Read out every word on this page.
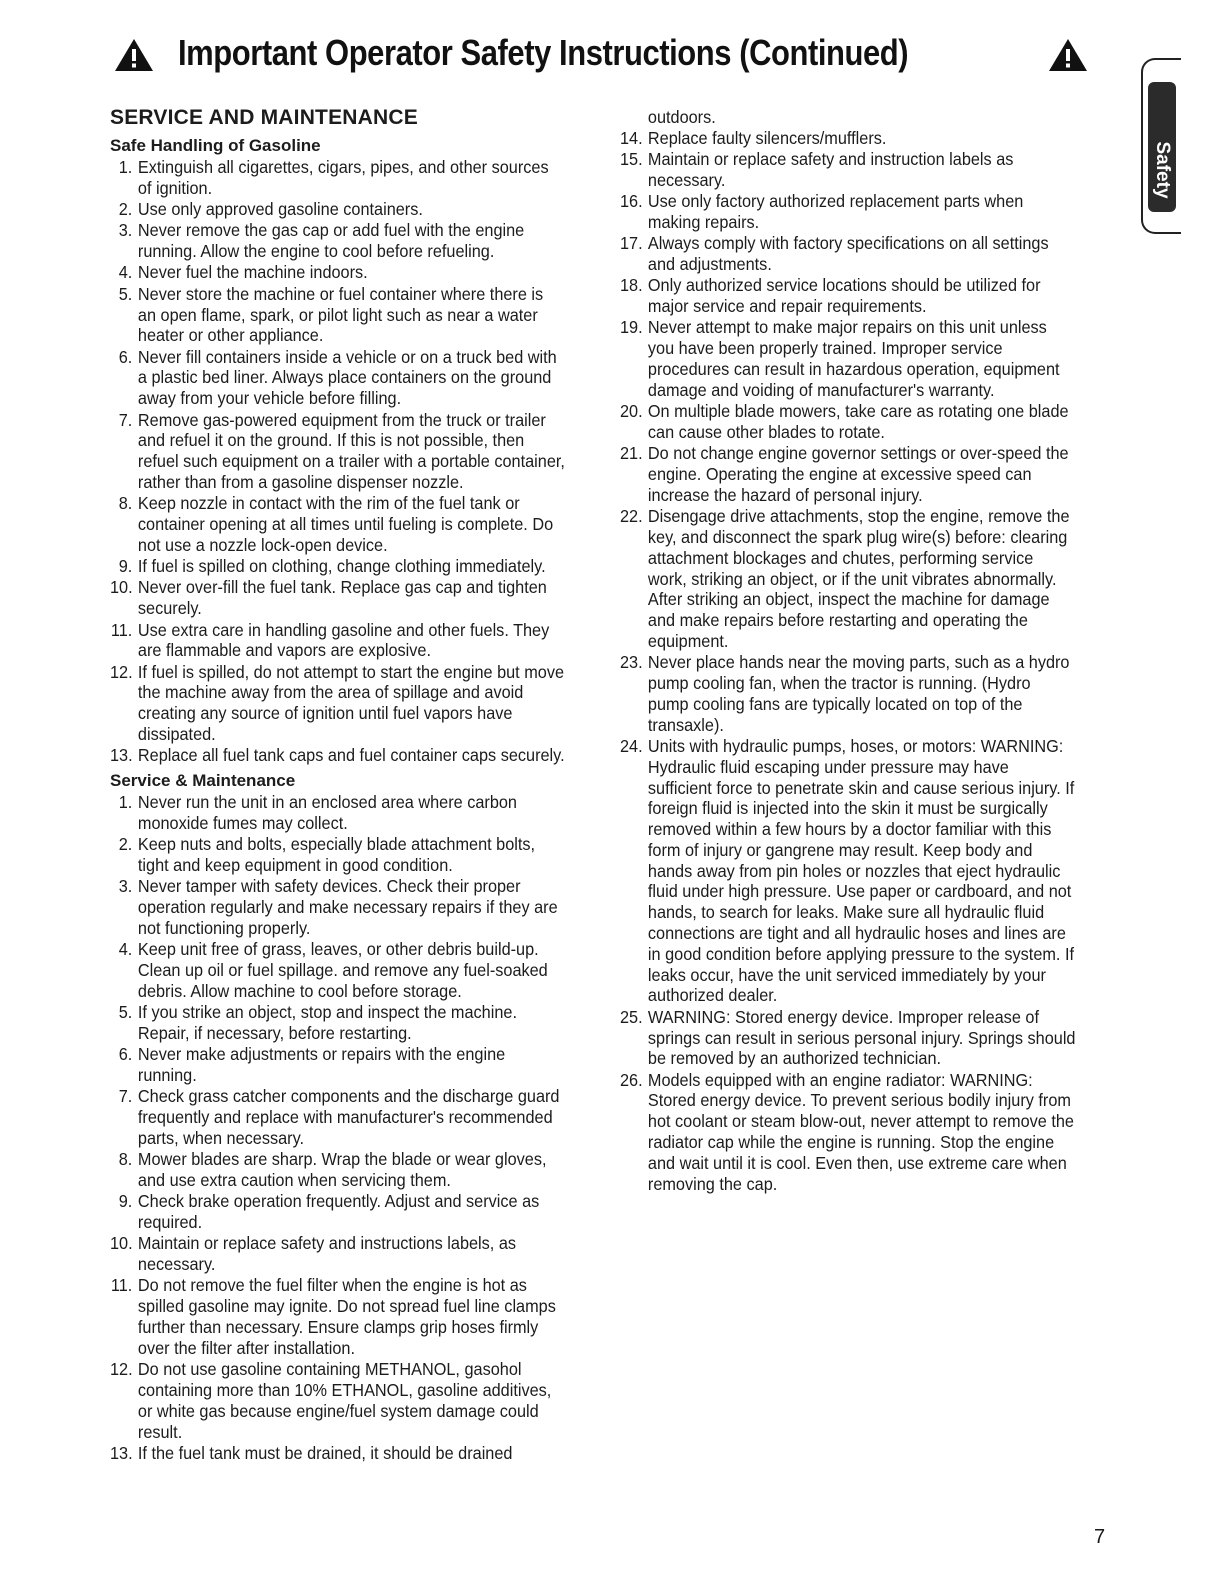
Important Operator Safety Instructions (Continued)
Safety
SERVICE AND MAINTENANCE
Safe Handling of Gasoline
1. Extinguish all cigarettes, cigars, pipes, and other sources of ignition.
2. Use only approved gasoline containers.
3. Never remove the gas cap or add fuel with the engine running. Allow the engine to cool before refueling.
4. Never fuel the machine indoors.
5. Never store the machine or fuel container where there is an open flame, spark, or pilot light such as near a water heater or other appliance.
6. Never fill containers inside a vehicle or on a truck bed with a plastic bed liner. Always place containers on the ground away from your vehicle before filling.
7. Remove gas-powered equipment from the truck or trailer and refuel it on the ground. If this is not possible, then refuel such equipment on a trailer with a portable container, rather than from a gasoline dispenser nozzle.
8. Keep nozzle in contact with the rim of the fuel tank or container opening at all times until fueling is complete. Do not use a nozzle lock-open device.
9. If fuel is spilled on clothing, change clothing immediately.
10. Never over-fill the fuel tank. Replace gas cap and tighten securely.
11. Use extra care in handling gasoline and other fuels. They are flammable and vapors are explosive.
12. If fuel is spilled, do not attempt to start the engine but move the machine away from the area of spillage and avoid creating any source of ignition until fuel vapors have dissipated.
13. Replace all fuel tank caps and fuel container caps securely.
Service & Maintenance
1. Never run the unit in an enclosed area where carbon monoxide fumes may collect.
2. Keep nuts and bolts, especially blade attachment bolts, tight and keep equipment in good condition.
3. Never tamper with safety devices. Check their proper operation regularly and make necessary repairs if they are not functioning properly.
4. Keep unit free of grass, leaves, or other debris build-up. Clean up oil or fuel spillage. and remove any fuel-soaked debris. Allow machine to cool before storage.
5. If you strike an object, stop and inspect the machine. Repair, if necessary, before restarting.
6. Never make adjustments or repairs with the engine running.
7. Check grass catcher components and the discharge guard frequently and replace with manufacturer's recommended parts, when necessary.
8. Mower blades are sharp. Wrap the blade or wear gloves, and use extra caution when servicing them.
9. Check brake operation frequently. Adjust and service as required.
10. Maintain or replace safety and instructions labels, as necessary.
11. Do not remove the fuel filter when the engine is hot as spilled gasoline may ignite. Do not spread fuel line clamps further than necessary. Ensure clamps grip hoses firmly over the filter after installation.
12. Do not use gasoline containing METHANOL, gasohol containing more than 10% ETHANOL, gasoline additives, or white gas because engine/fuel system damage could result.
13. If the fuel tank must be drained, it should be drained
outdoors.
14. Replace faulty silencers/mufflers.
15. Maintain or replace safety and instruction labels as necessary.
16. Use only factory authorized replacement parts when making repairs.
17. Always comply with factory specifications on all settings and adjustments.
18. Only authorized service locations should be utilized for major service and repair requirements.
19. Never attempt to make major repairs on this unit unless you have been properly trained. Improper service procedures can result in hazardous operation, equipment damage and voiding of manufacturer's warranty.
20. On multiple blade mowers, take care as rotating one blade can cause other blades to rotate.
21. Do not change engine governor settings or over-speed the engine. Operating the engine at excessive speed can increase the hazard of personal injury.
22. Disengage drive attachments, stop the engine, remove the key, and disconnect the spark plug wire(s) before: clearing attachment blockages and chutes, performing service work, striking an object, or if the unit vibrates abnormally. After striking an object, inspect the machine for damage and make repairs before restarting and operating the equipment.
23. Never place hands near the moving parts, such as a hydro pump cooling fan, when the tractor is running. (Hydro pump cooling fans are typically located on top of the transaxle).
24. Units with hydraulic pumps, hoses, or motors: WARNING: Hydraulic fluid escaping under pressure may have sufficient force to penetrate skin and cause serious injury. If foreign fluid is injected into the skin it must be surgically removed within a few hours by a doctor familiar with this form of injury or gangrene may result. Keep body and hands away from pin holes or nozzles that eject hydraulic fluid under high pressure. Use paper or cardboard, and not hands, to search for leaks. Make sure all hydraulic fluid connections are tight and all hydraulic hoses and lines are in good condition before applying pressure to the system. If leaks occur, have the unit serviced immediately by your authorized dealer.
25. WARNING: Stored energy device. Improper release of springs can result in serious personal injury. Springs should be removed by an authorized technician.
26. Models equipped with an engine radiator: WARNING: Stored energy device. To prevent serious bodily injury from hot coolant or steam blow-out, never attempt to remove the radiator cap while the engine is running. Stop the engine and wait until it is cool. Even then, use extreme care when removing the cap.
7
